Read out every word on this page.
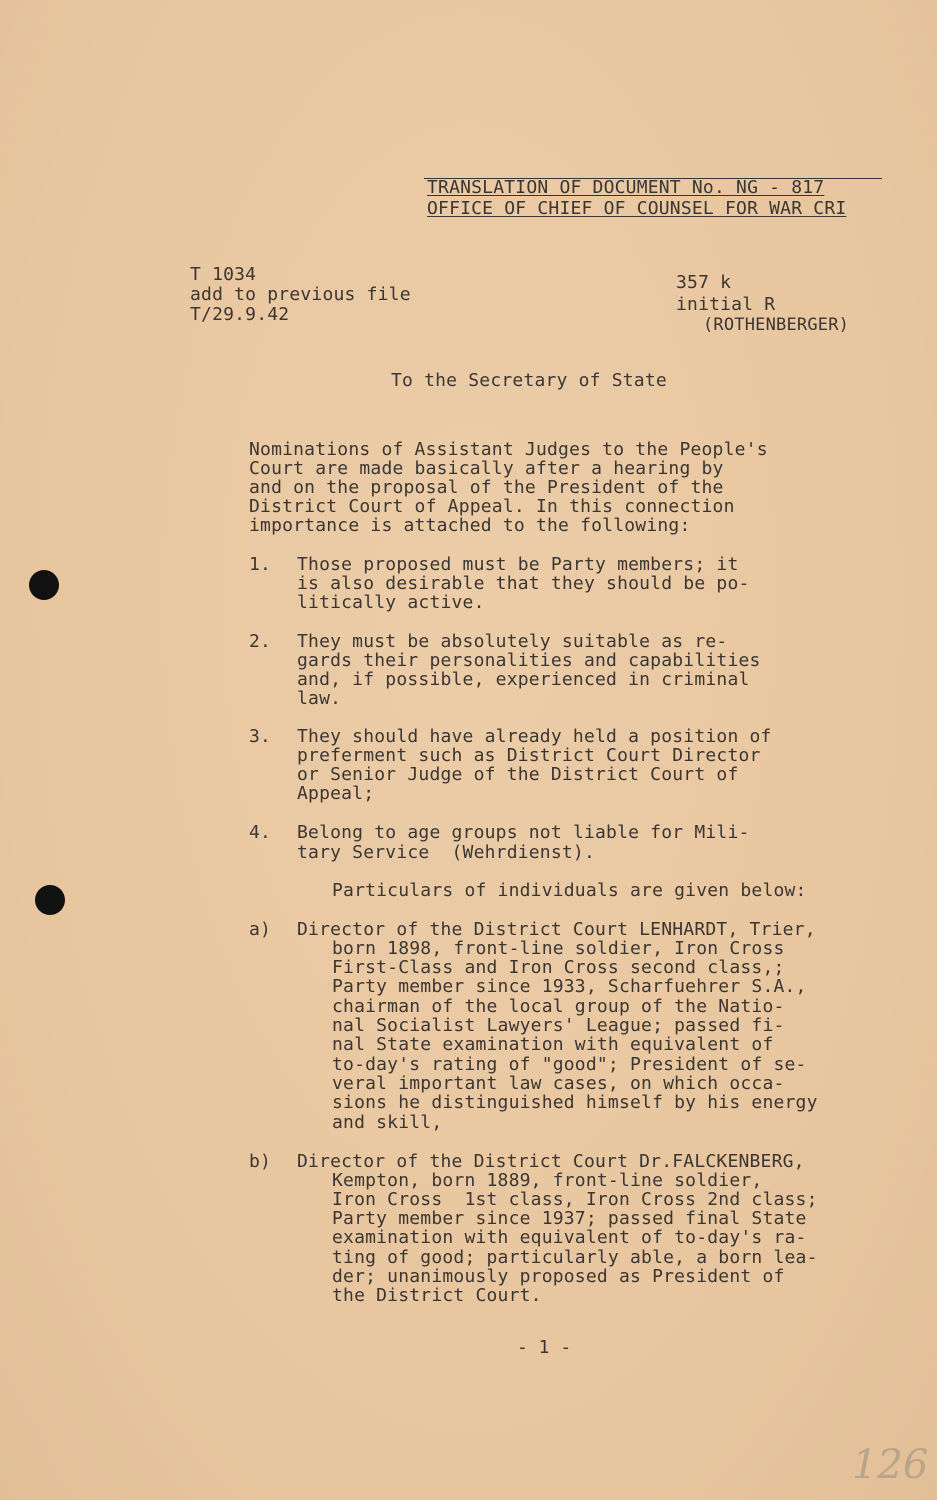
TRANSLATION OF DOCUMENT No. NG - 817
OFFICE OF CHIEF OF COUNSEL FOR WAR CRI
T 1034
add to previous file
T/29.9.42
357 k
initial R
(ROTHENBERGER)
To the Secretary of State
Nominations of Assistant Judges to the People's
Court are made basically after a hearing by
and on the proposal of the President of the
District Court of Appeal. In this connection
importance is attached to the following:
1. Those proposed must be Party members; it
is also desirable that they should be po-
litically active.
2. They must be absolutely suitable as re-
gards their personalities and capabilities
and, if possible, experienced in criminal
law.
3. They should have already held a position of
preferment such as District Court Director
or Senior Judge of the District Court of
Appeal;
4. Belong to age groups not liable for Mili-
tary Service  (Wehrdienst).
Particulars of individuals are given below:
a) Director of the District Court LENHARDT, Trier,
born 1898, front-line soldier, Iron Cross
First-Class and Iron Cross second class,;
Party member since 1933, Scharfuehrer S.A.,
chairman of the local group of the Natio-
nal Socialist Lawyers' League; passed fi-
nal State examination with equivalent of
to-day's rating of "good"; President of se-
veral important law cases, on which occa-
sions he distinguished himself by his energy
and skill,
b) Director of the District Court Dr.FALCKENBERG,
Kempton, born 1889, front-line soldier,
Iron Cross  1st class, Iron Cross 2nd class;
Party member since 1937; passed final State
examination with equivalent of to-day's ra-
ting of good; particularly able, a born lea-
der; unanimously proposed as President of
the District Court.
- 1 -
126
